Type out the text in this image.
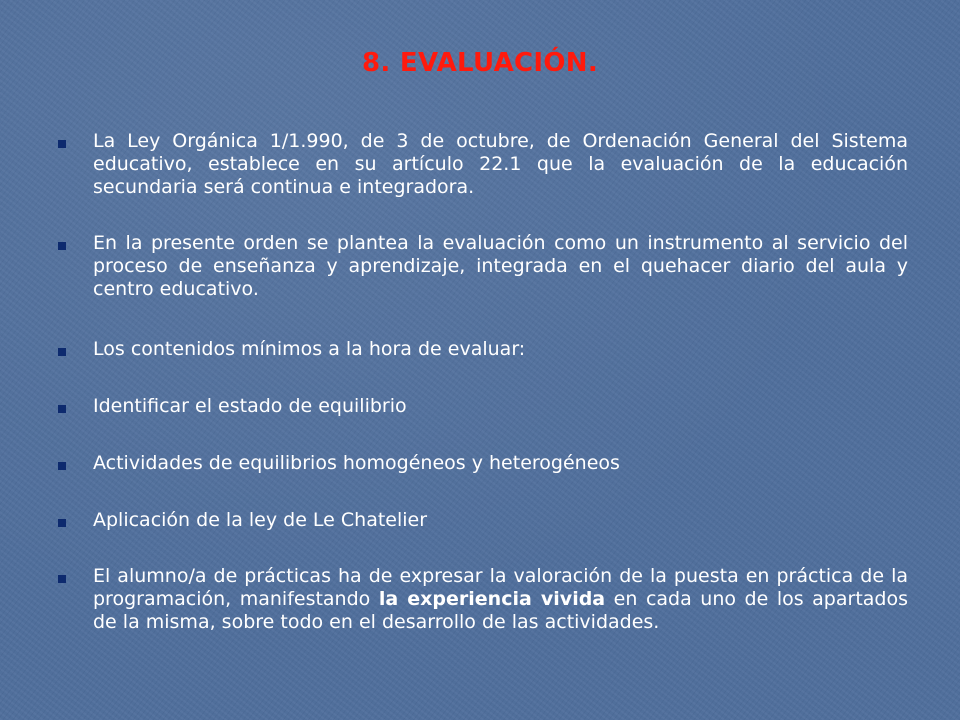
8. EVALUACIÓN.
La Ley Orgánica 1/1.990, de 3 de octubre, de Ordenación General del Sistema educativo, establece en su artículo 22.1 que la evaluación de la educación secundaria será continua e integradora.
En la presente orden se plantea la evaluación como un instrumento al servicio del proceso de enseñanza y aprendizaje, integrada en el quehacer diario del aula y centro educativo.
Los contenidos mínimos a la hora de evaluar:
Identificar el estado de equilibrio
Actividades de equilibrios homogéneos y heterogéneos
Aplicación de la ley de Le Chatelier
El alumno/a de prácticas ha de expresar la valoración de la puesta en práctica de la programación, manifestando la experiencia vivida en cada uno de los apartados de la misma, sobre todo en el desarrollo de las actividades.
